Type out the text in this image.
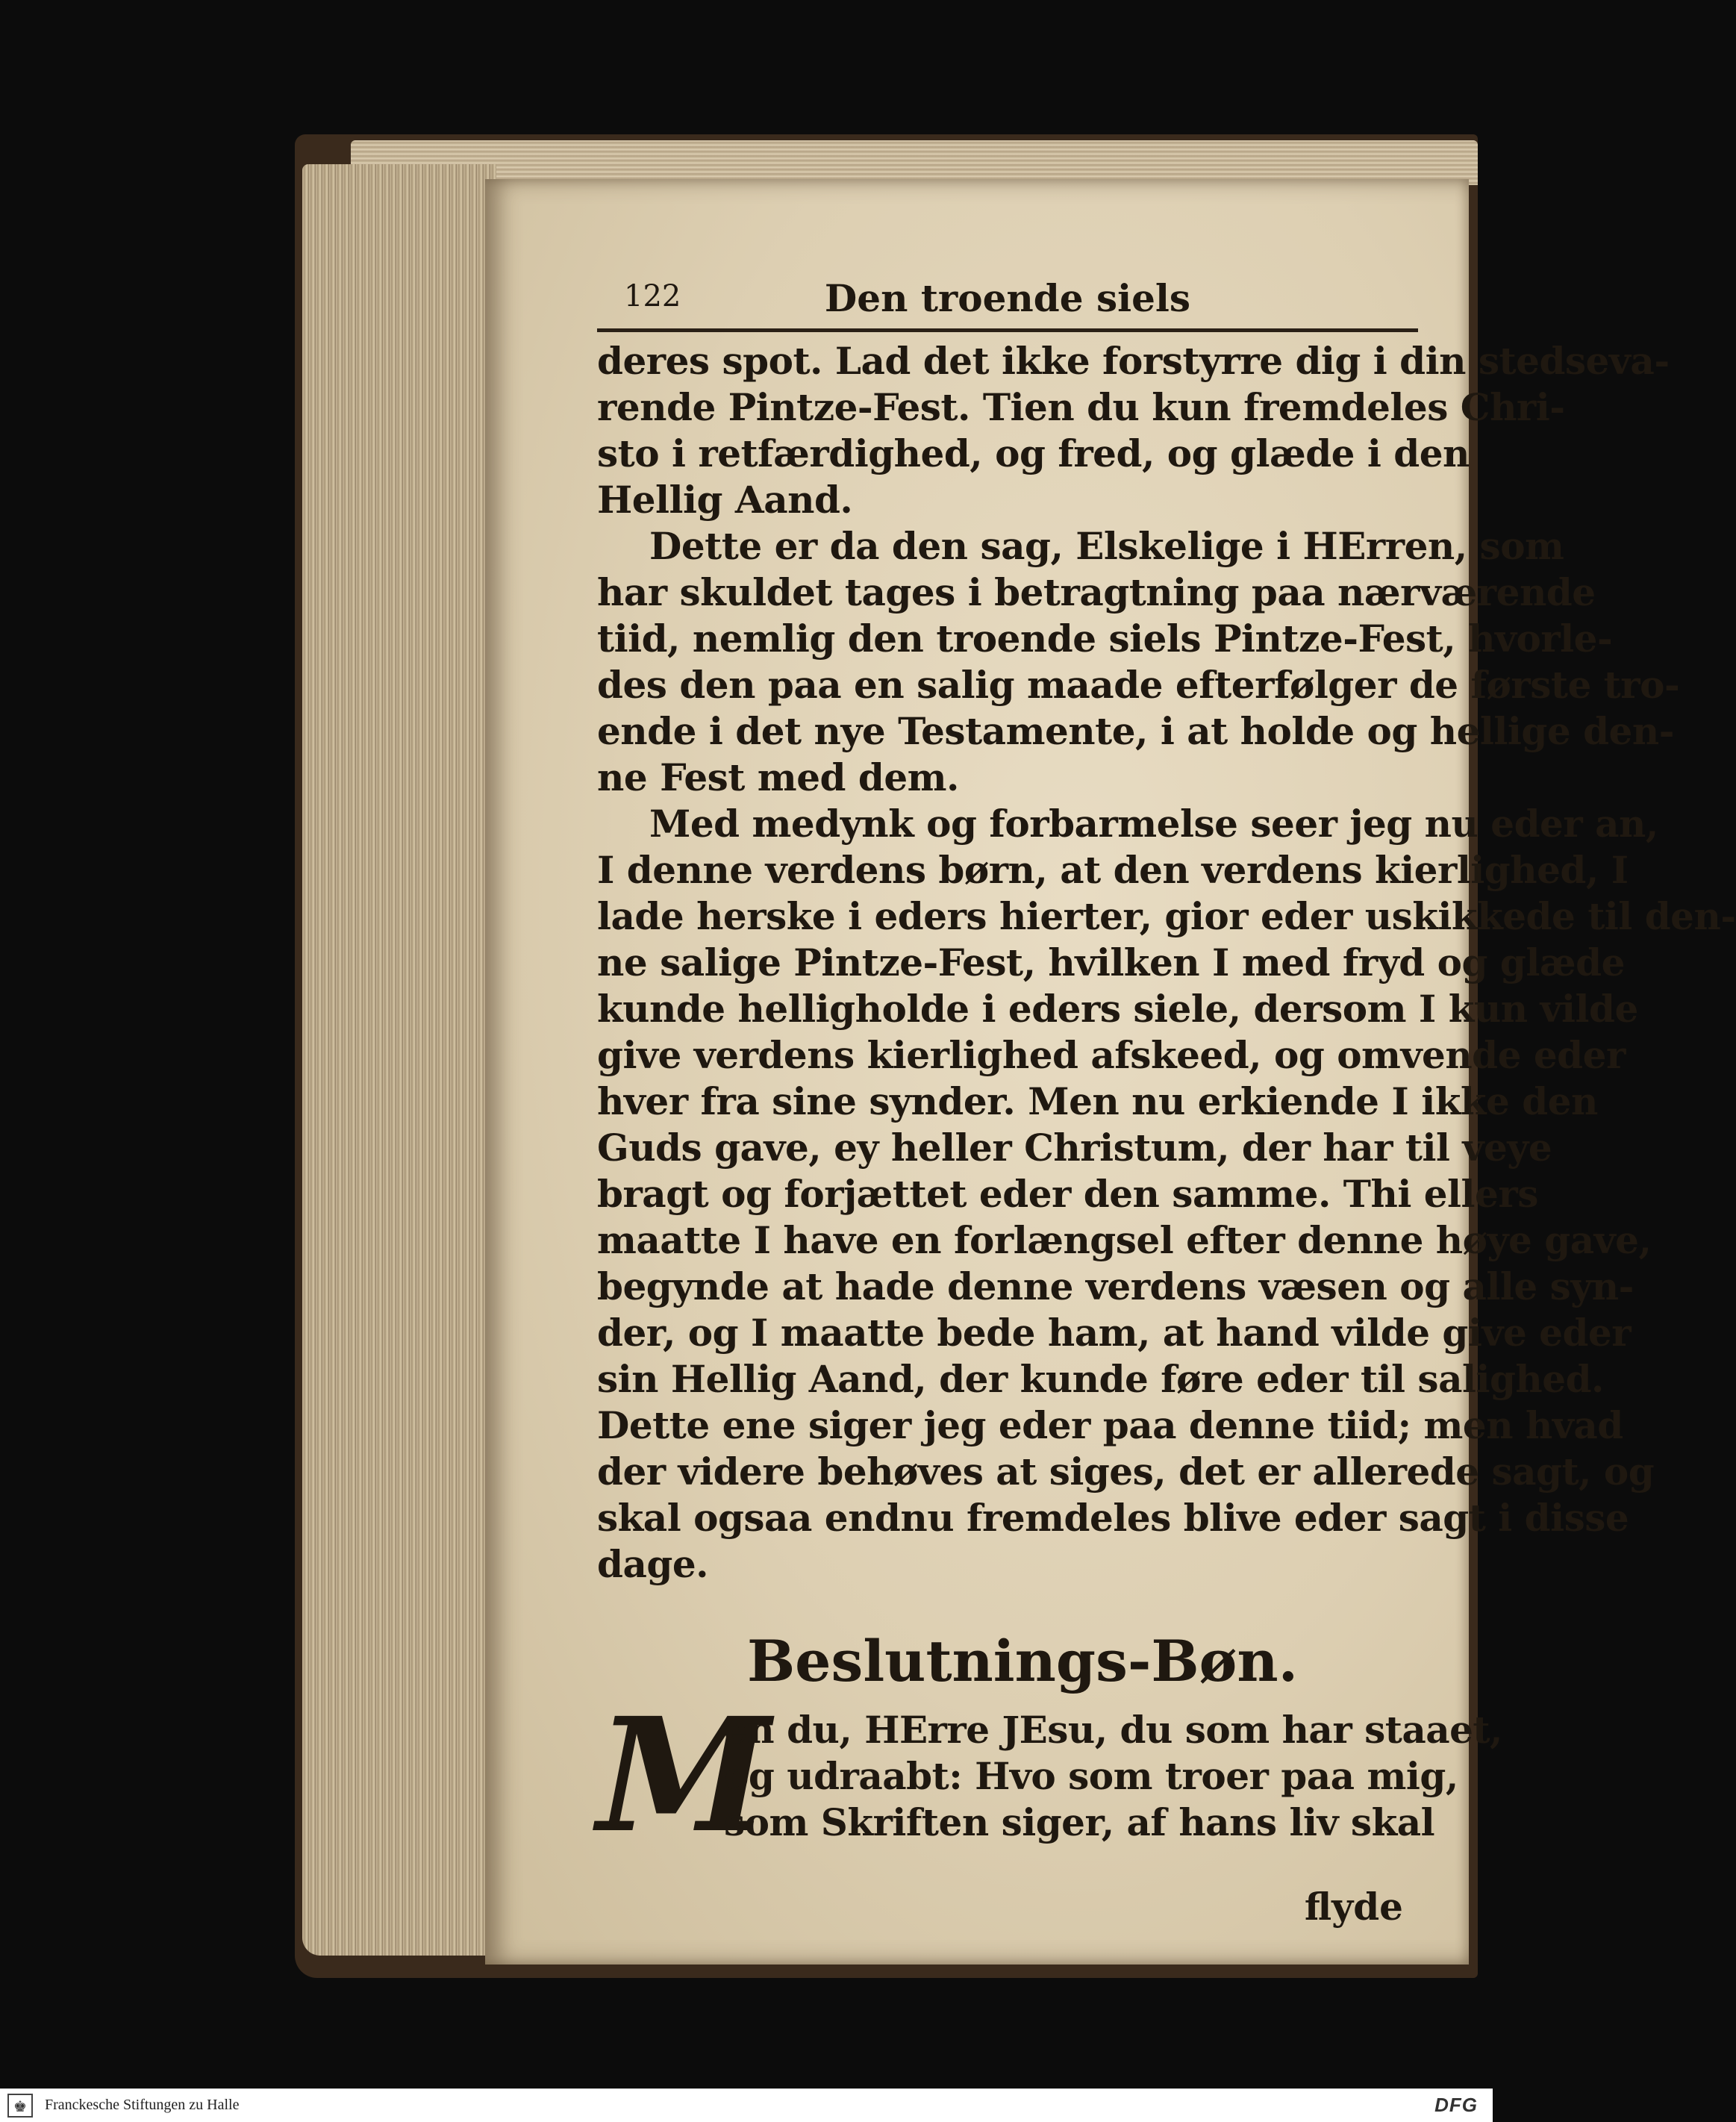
122	Den troende siels
deres spot. Lad det ikke forstyrre dig i din stedseva-
rende Pintze-Fest. Tien du kun fremdeles Chri-
sto i retfærdighed, og fred, og glæde i den
Hellig Aand.
Dette er da den sag, Elskelige i HErren, som
har skuldet tages i betragtning paa nærværende
tiid, nemlig den troende siels Pintze-Fest, hvorle-
des den paa en salig maade efterfølger de første tro-
ende i det nye Testamente, i at holde og hellige den-
ne Fest med dem.
Med medynk og forbarmelse seer jeg nu eder an,
I denne verdens børn, at den verdens kierlighed, I
lade herske i eders hierter, gior eder uskikkede til den-
ne salige Pintze-Fest, hvilken I med fryd og glæde
kunde helligholde i eders siele, dersom I kun vilde
give verdens kierlighed afskeed, og omvende eder
hver fra sine synder. Men nu erkiende I ikke den
Guds gave, ey heller Christum, der har til veye
bragt og forjættet eder den samme. Thi ellers
maatte I have en forlængsel efter denne høye gave,
begynde at hade denne verdens væsen og alle syn-
der, og I maatte bede ham, at hand vilde give eder
sin Hellig Aand, der kunde føre eder til salighed.
Dette ene siger jeg eder paa denne tiid; men hvad
der videre behøves at siges, det er allerede sagt, og
skal ogsaa endnu fremdeles blive eder sagt i disse
dage.
Beslutnings-Bøn.
M
en du, HErre JEsu, du som har staaet,
og udraabt: Hvo som troer paa mig,
som Skriften siger, af hans liv skal
flyde
♚	Franckesche Stiftungen zu Halle	DFG
